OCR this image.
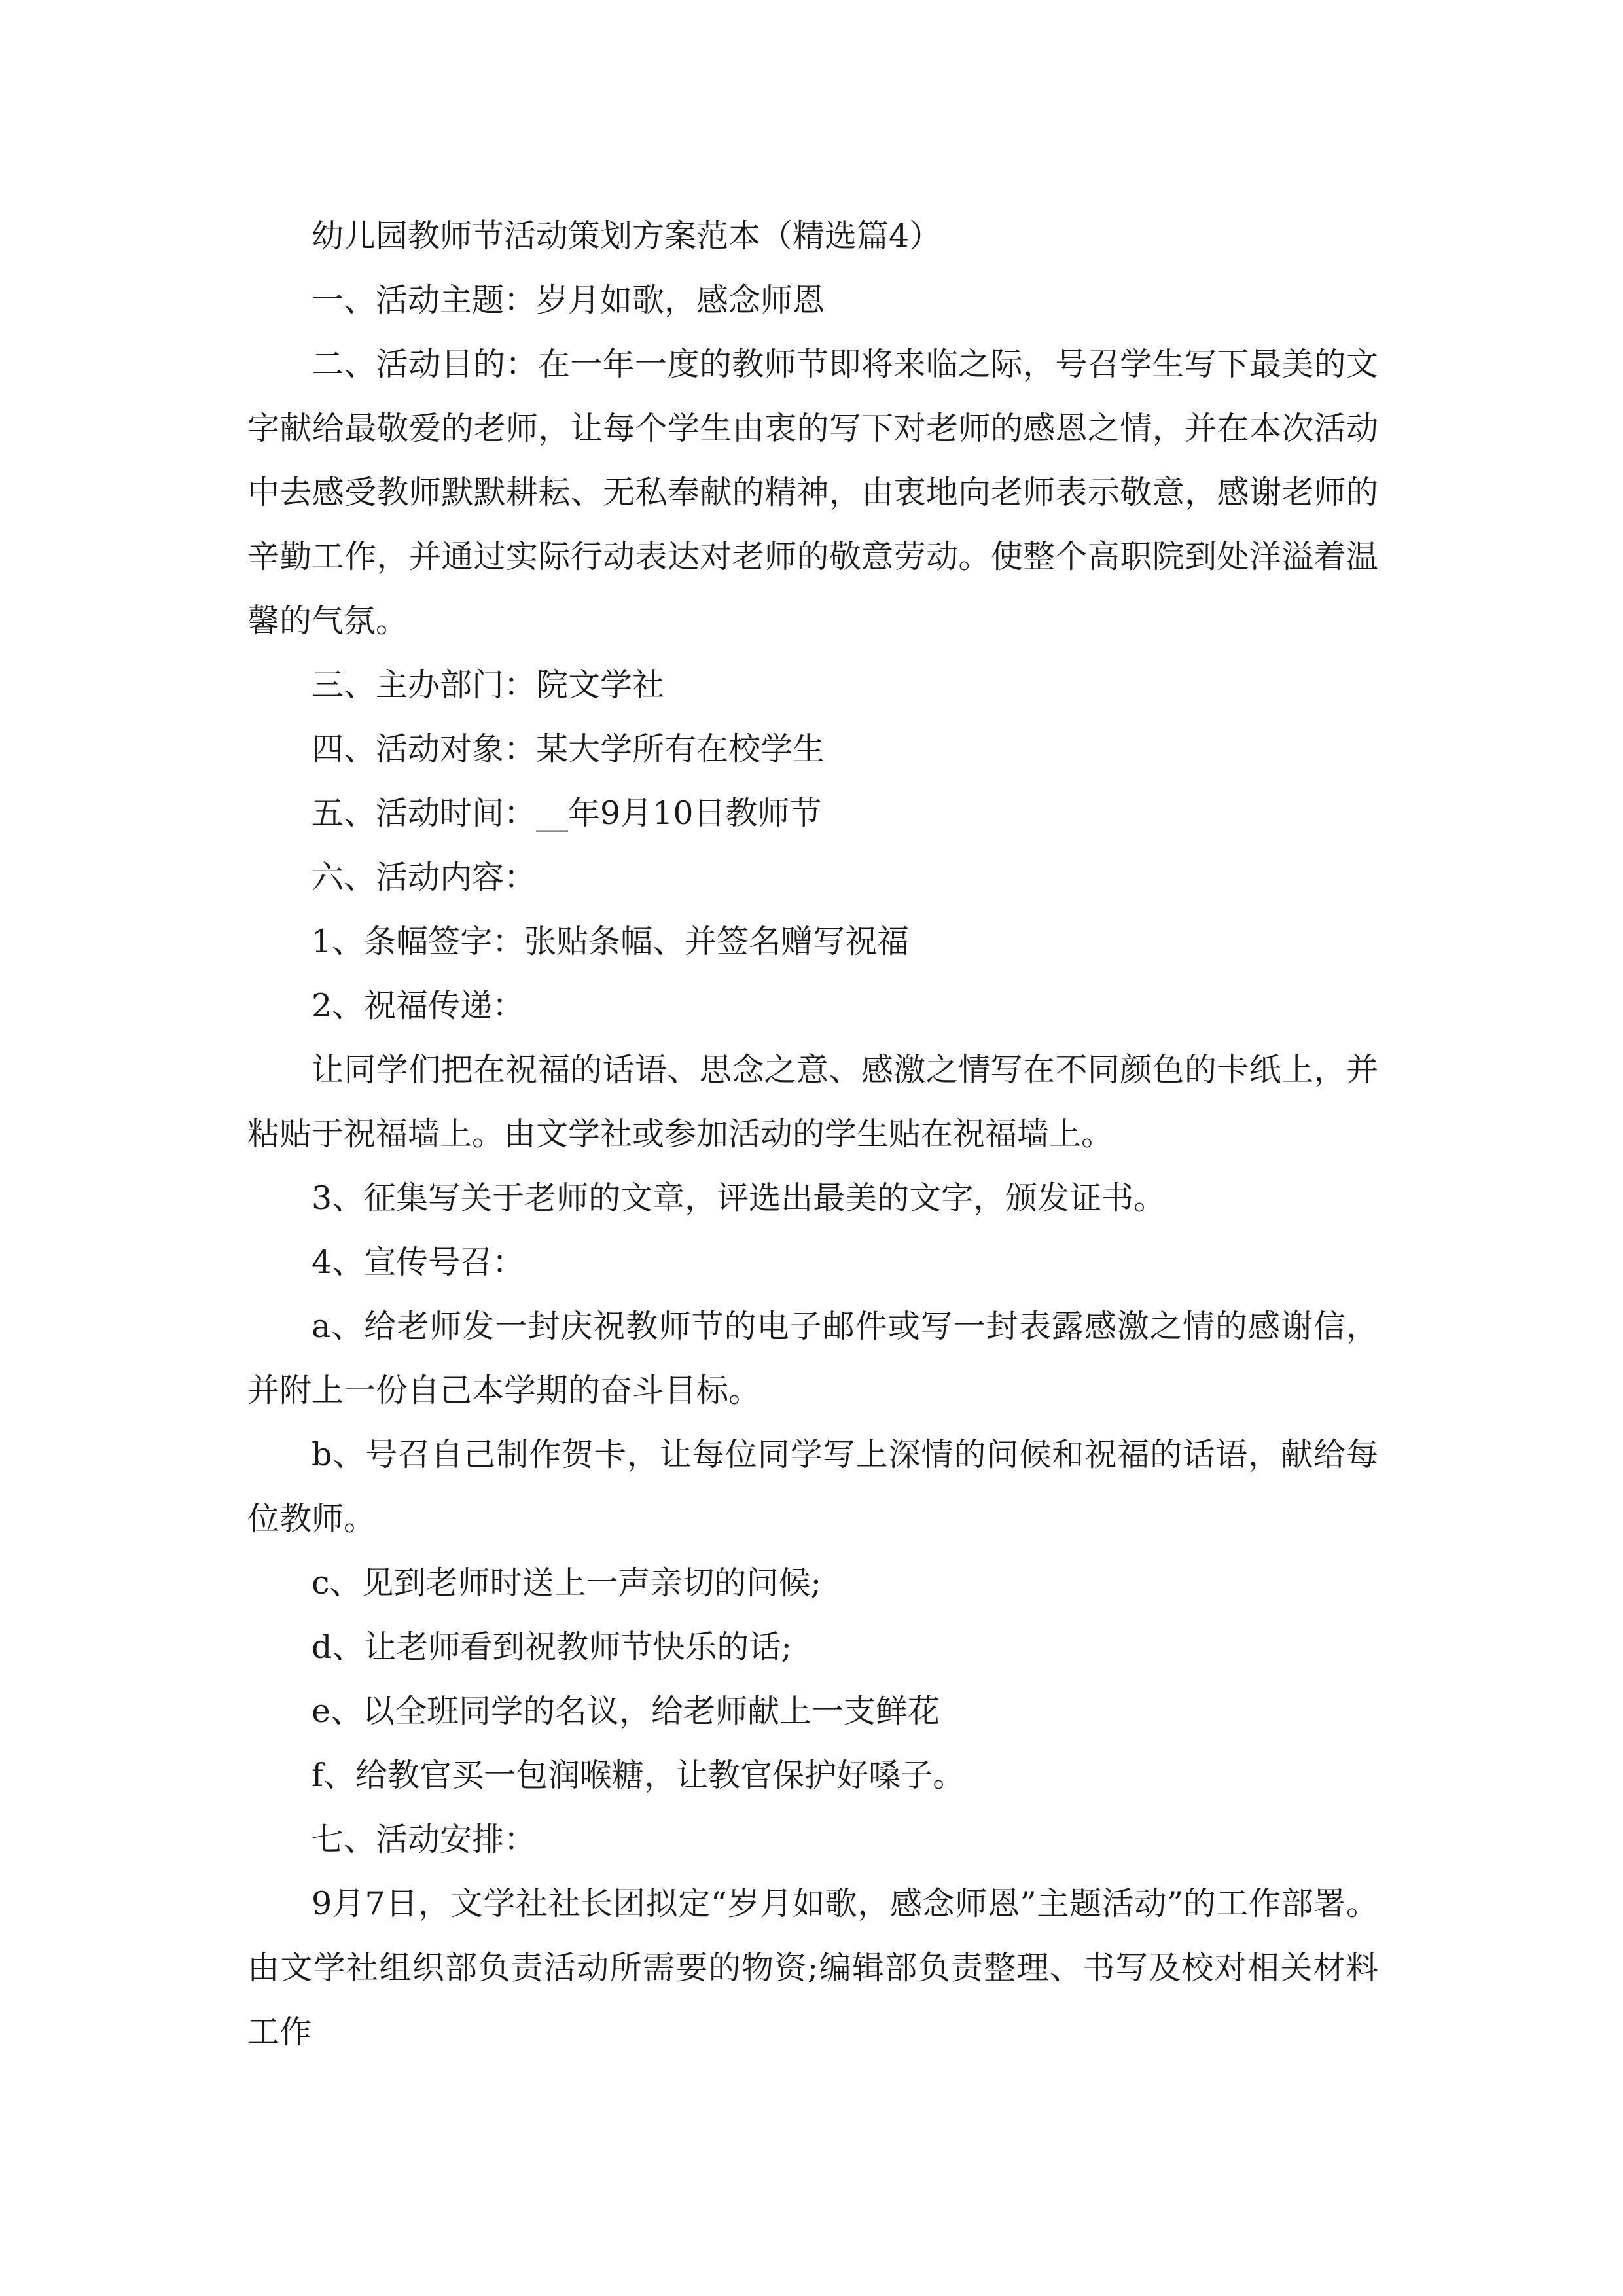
幼儿园教师节活动策划方案范本（精选篇4）

一、活动主题：岁月如歌，感念师恩

二、活动目的：在一年一度的教师节即将来临之际，号召学生写下最美的文字献给最敬爱的老师，让每个学生由衷的写下对老师的感恩之情，并在本次活动中去感受教师默默耕耘、无私奉献的精神，由衷地向老师表示敬意，感谢老师的辛勤工作，并通过实际行动表达对老师的敬意劳动。使整个高职院到处洋溢着温馨的气氛。

三、主办部门：院文学社

四、活动对象：某大学所有在校学生

五、活动时间：__年9月10日教师节

六、活动内容：

1、条幅签字：张贴条幅、并签名赠写祝福

2、祝福传递：

让同学们把在祝福的话语、思念之意、感激之情写在不同颜色的卡纸上，并粘贴于祝福墙上。由文学社或参加活动的学生贴在祝福墙上。

3、征集写关于老师的文章，评选出最美的文字，颁发证书。

4、宣传号召：

a、给老师发一封庆祝教师节的电子邮件或写一封表露感激之情的感谢信，并附上一份自己本学期的奋斗目标。

b、号召自己制作贺卡，让每位同学写上深情的问候和祝福的话语，献给每位教师。

c、见到老师时送上一声亲切的问候;

d、让老师看到祝教师节快乐的话;

e、以全班同学的名议，给老师献上一支鲜花

f、给教官买一包润喉糖，让教官保护好嗓子。

七、活动安排：

9月7日，文学社社长团拟定“岁月如歌，感念师恩”主题活动”的工作部署。由文学社组织部负责活动所需要的物资;编辑部负责整理、书写及校对相关材料工作
